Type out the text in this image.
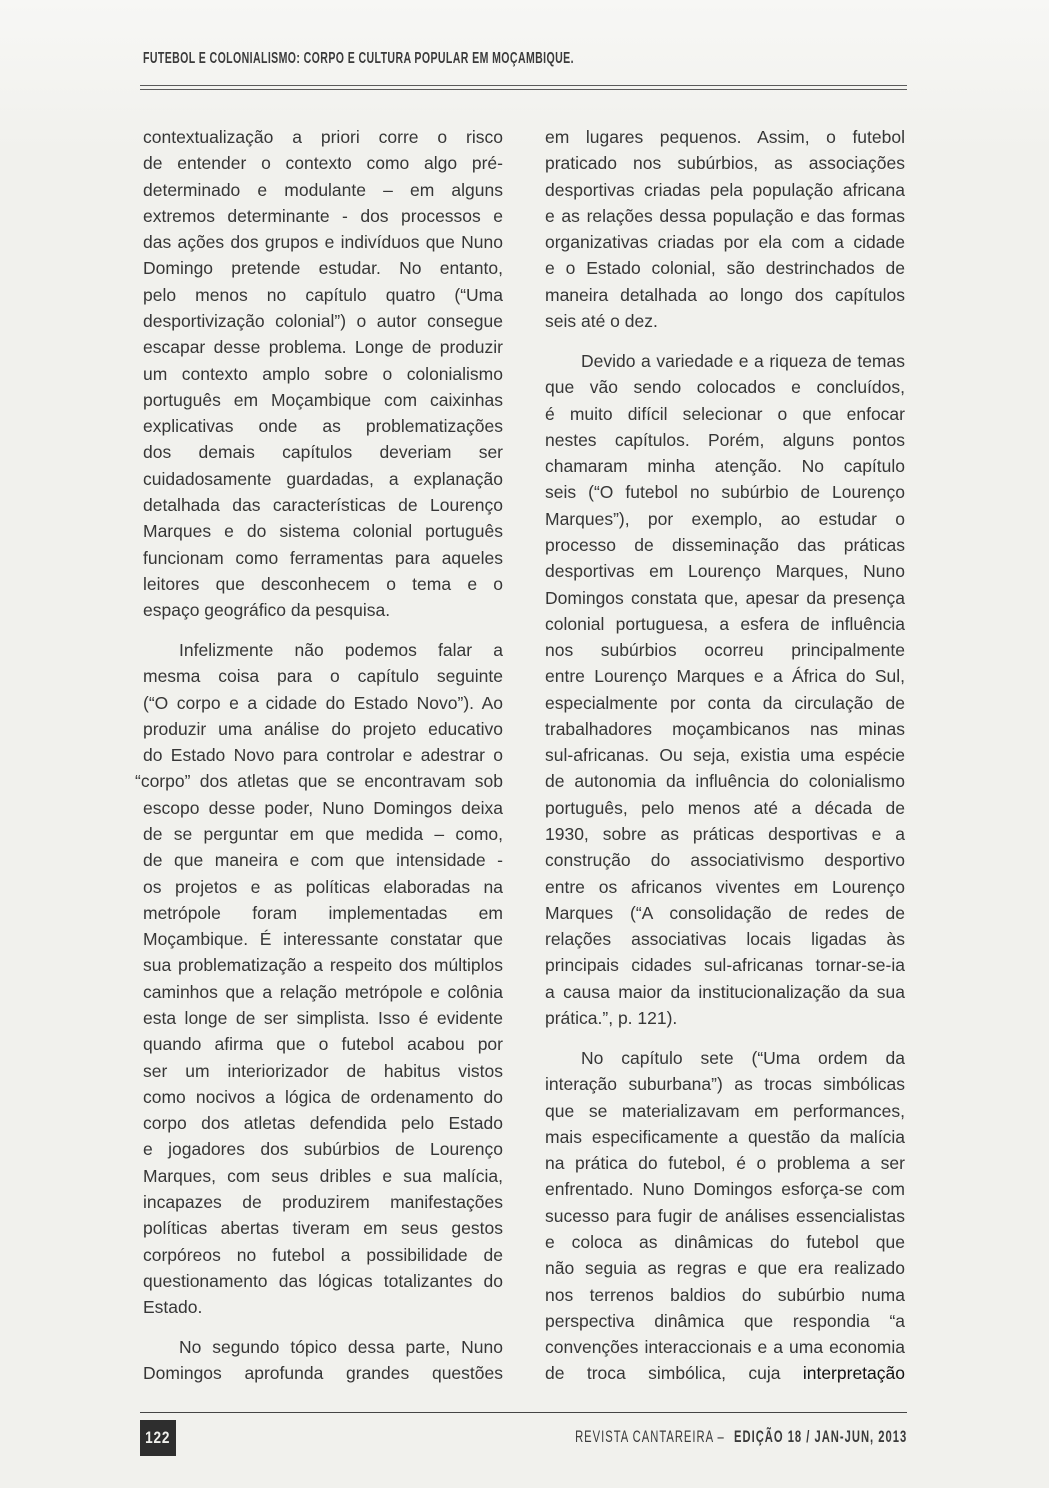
FUTEBOL E COLONIALISMO: CORPO E CULTURA POPULAR EM MOÇAMBIQUE.
contextualização a priori corre o risco
de entender o contexto como algo pré-
determinado e modulante – em alguns
extremos determinante - dos processos e
das ações dos grupos e indivíduos que Nuno
Domingo pretende estudar. No entanto,
pelo menos no capítulo quatro (“Uma
desportivização colonial”) o autor consegue
escapar desse problema. Longe de produzir
um contexto amplo sobre o colonialismo
português em Moçambique com caixinhas
explicativas onde as problematizações
dos demais capítulos deveriam ser
cuidadosamente guardadas, a explanação
detalhada das características de Lourenço
Marques e do sistema colonial português
funcionam como ferramentas para aqueles
leitores que desconhecem o tema e o
espaço geográfico da pesquisa.
Infelizmente não podemos falar a
mesma coisa para o capítulo seguinte
(“O corpo e a cidade do Estado Novo”). Ao
produzir uma análise do projeto educativo
do Estado Novo para controlar e adestrar o
“corpo” dos atletas que se encontravam sob
escopo desse poder, Nuno Domingos deixa
de se perguntar em que medida – como,
de que maneira e com que intensidade -
os projetos e as políticas elaboradas na
metrópole foram implementadas em
Moçambique. É interessante constatar que
sua problematização a respeito dos múltiplos
caminhos que a relação metrópole e colônia
esta longe de ser simplista. Isso é evidente
quando afirma que o futebol acabou por
ser um interiorizador de habitus vistos
como nocivos a lógica de ordenamento do
corpo dos atletas defendida pelo Estado
e jogadores dos subúrbios de Lourenço
Marques, com seus dribles e sua malícia,
incapazes de produzirem manifestações
políticas abertas tiveram em seus gestos
corpóreos no futebol a possibilidade de
questionamento das lógicas totalizantes do
Estado.
No segundo tópico dessa parte, Nuno
Domingos aprofunda grandes questões
em lugares pequenos. Assim, o futebol
praticado nos subúrbios, as associações
desportivas criadas pela população africana
e as relações dessa população e das formas
organizativas criadas por ela com a cidade
e o Estado colonial, são destrinchados de
maneira detalhada ao longo dos capítulos
seis até o dez.
Devido a variedade e a riqueza de temas
que vão sendo colocados e concluídos,
é muito difícil selecionar o que enfocar
nestes capítulos. Porém, alguns pontos
chamaram minha atenção. No capítulo
seis (“O futebol no subúrbio de Lourenço
Marques”), por exemplo, ao estudar o
processo de disseminação das práticas
desportivas em Lourenço Marques, Nuno
Domingos constata que, apesar da presença
colonial portuguesa, a esfera de influência
nos subúrbios ocorreu principalmente
entre Lourenço Marques e a África do Sul,
especialmente por conta da circulação de
trabalhadores moçambicanos nas minas
sul-africanas. Ou seja, existia uma espécie
de autonomia da influência do colonialismo
português, pelo menos até a década de
1930, sobre as práticas desportivas e a
construção do associativismo desportivo
entre os africanos viventes em Lourenço
Marques (“A consolidação de redes de
relações associativas locais ligadas às
principais cidades sul-africanas tornar-se-ia
a causa maior da institucionalização da sua
prática.”, p. 121).
No capítulo sete (“Uma ordem da
interação suburbana”) as trocas simbólicas
que se materializavam em performances,
mais especificamente a questão da malícia
na prática do futebol, é o problema a ser
enfrentado. Nuno Domingos esforça-se com
sucesso para fugir de análises essencialistas
e coloca as dinâmicas do futebol que
não seguia as regras e que era realizado
nos terrenos baldios do subúrbio numa
perspectiva dinâmica que respondia “a
convenções interaccionais e a uma economia
de troca simbólica, cuja interpretação
122	REVISTA CANTAREIRA – EDIÇÃO 18 / JAN-JUN, 2013
